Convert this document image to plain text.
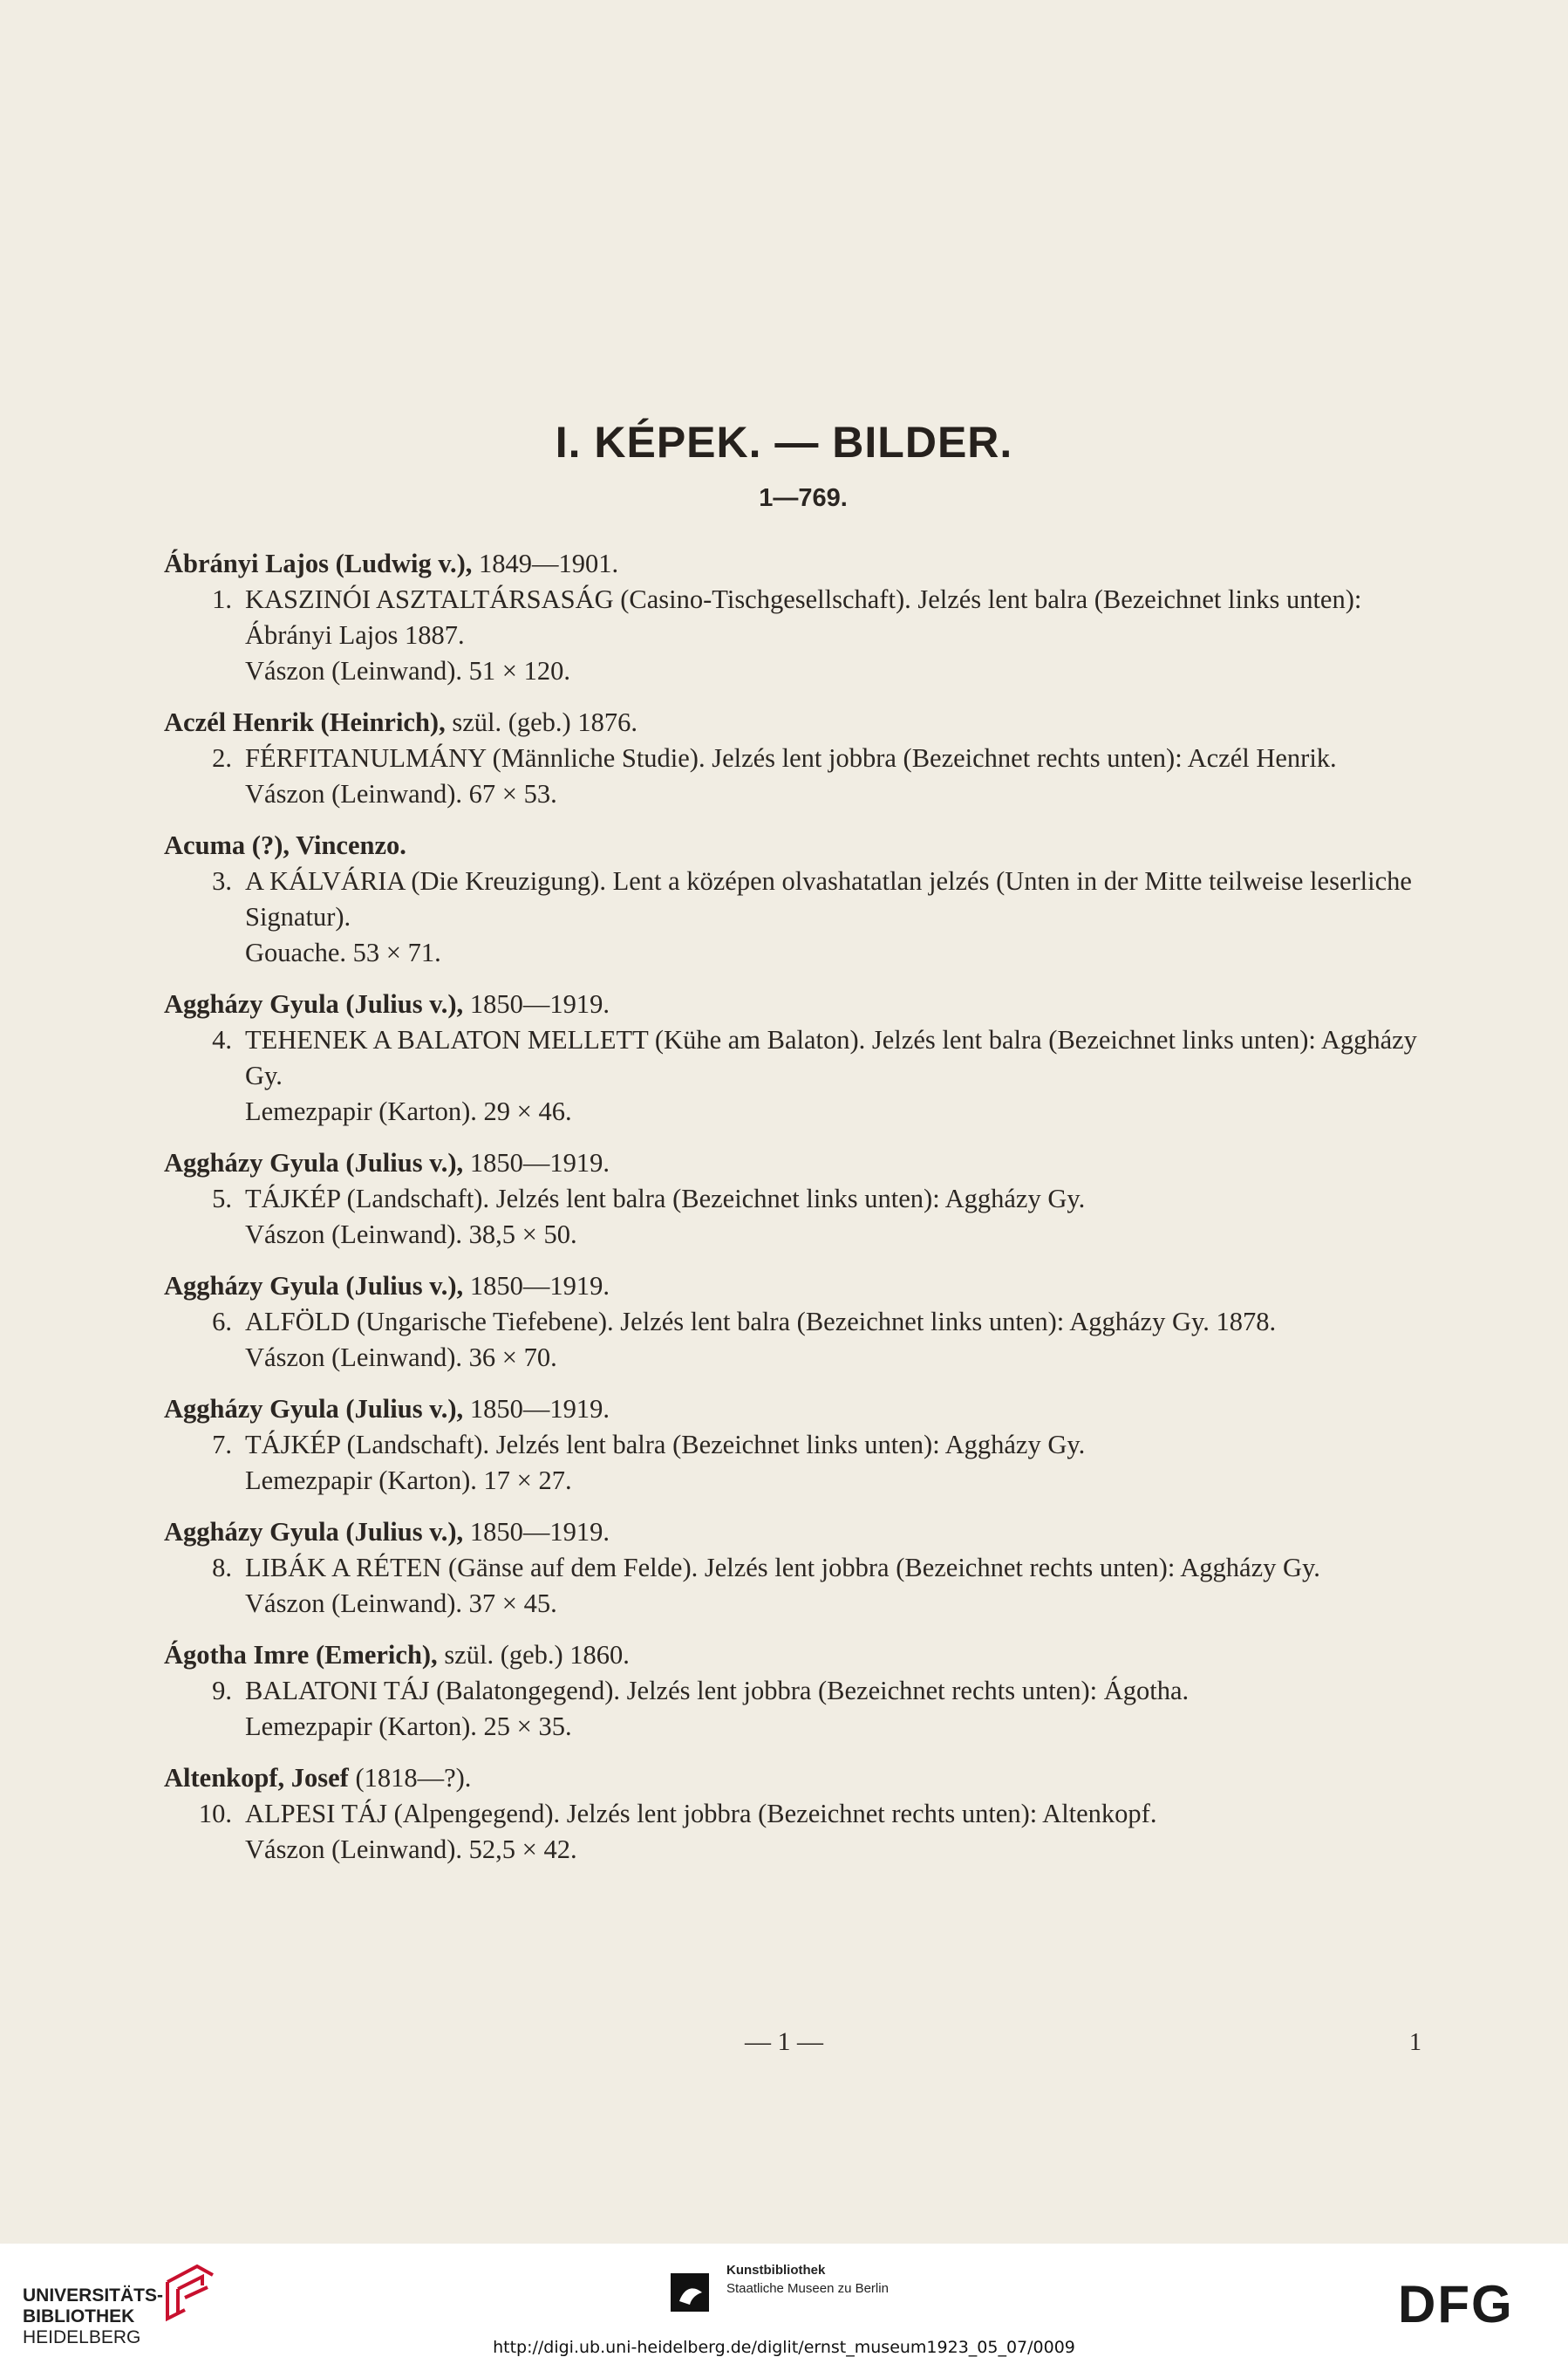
I. KÉPEK. — BILDER.
1—769.

Ábrányi Lajos (Ludwig v.), 1849—1901.

1. KASZINÓI ASZTALTÁRSASÁG (Casino-Tischgesellschaft). Jelzés lent balra (Bezeichnet links unten): Ábrányi Lajos 1887.

Vászon (Leinwand). 51 × 120.

Aczél Henrik (Heinrich), szül. (geb.) 1876.

2. FÉRFITANULMÁNY (Männliche Studie). Jelzés lent jobbra (Bezeichnet rechts unten): Aczél Henrik.

Vászon (Leinwand). 67 × 53.

Acuma (?), Vincenzo.

3. A KÁLVÁRIA (Die Kreuzigung). Lent a középen olvashatatlan jelzés (Unten in der Mitte teilweise leserliche Signatur).

Gouache. 53 × 71.

Aggházy Gyula (Julius v.), 1850—1919.

4. TEHENEK A BALATON MELLETT (Kühe am Balaton). Jelzés lent balra (Bezeichnet links unten): Aggházy Gy.

Lemezpapir (Karton). 29 × 46.

Aggházy Gyula (Julius v.), 1850—1919.

5. TÁJKÉP (Landschaft). Jelzés lent balra (Bezeichnet links unten): Aggházy Gy.

Vászon (Leinwand). 38,5 × 50.

Aggházy Gyula (Julius v.), 1850—1919.

6. ALFÖLD (Ungarische Tiefebene). Jelzés lent balra (Bezeichnet links unten): Aggházy Gy. 1878.

Vászon (Leinwand). 36 × 70.

Aggházy Gyula (Julius v.), 1850—1919.

7. TÁJKÉP (Landschaft). Jelzés lent balra (Bezeichnet links unten): Aggházy Gy.

Lemezpapir (Karton). 17 × 27.

Aggházy Gyula (Julius v.), 1850—1919.

8. LIBÁK A RÉTEN (Gänse auf dem Felde). Jelzés lent jobbra (Bezeichnet rechts unten): Aggházy Gy.

Vászon (Leinwand). 37 × 45.

Ágotha Imre (Emerich), szül. (geb.) 1860.

9. BALATONI TÁJ (Balatongegend). Jelzés lent jobbra (Bezeichnet rechts unten): Ágotha.

Lemezpapir (Karton). 25 × 35.

Altenkopf, Josef (1818—?).

10. ALPESI TÁJ (Alpengegend). Jelzés lent jobbra (Bezeichnet rechts unten): Altenkopf.

Vászon (Leinwand). 52,5 × 42.

— 1 —	1
UNIVERSITÄTS-
BIBLIOTHEK
HEIDELBERG
Kunstbibliothek
Staatliche Museen zu Berlin	DFG
http://digi.ub.uni-heidelberg.de/diglit/ernst_museum1923_05_07/0009
